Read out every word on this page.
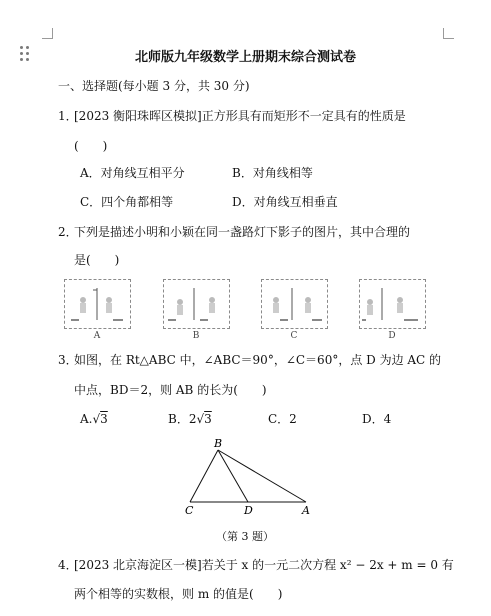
北师版九年级数学上册期末综合测试卷
一、选择题(每小题 3 分，共 30 分)
1．
[2023 衡阳珠晖区模拟]正方形具有而矩形不一定具有的性质是
(　　)
A．对角线互相平分	B．对角线相等
C．四个角都相等	D．对角线互相垂直
2．
下列是描述小明和小颖在同一盏路灯下影子的图片，其中合理的
是(　　)
A	B	C	D
3．
如图，在 Rt△ABC 中，∠ABC＝90°，∠C＝60°，点 D 为边 AC 的
中点，BD＝2，则 AB 的长为(　　)
A.√3	B．2√3	C．2	D．4
B
C	D	A
（第 3 题）
4．
[2023 北京海淀区一模]若关于 x 的一元二次方程 x² − 2x + m = 0 有
两个相等的实数根，则 m 的值是(　　)
